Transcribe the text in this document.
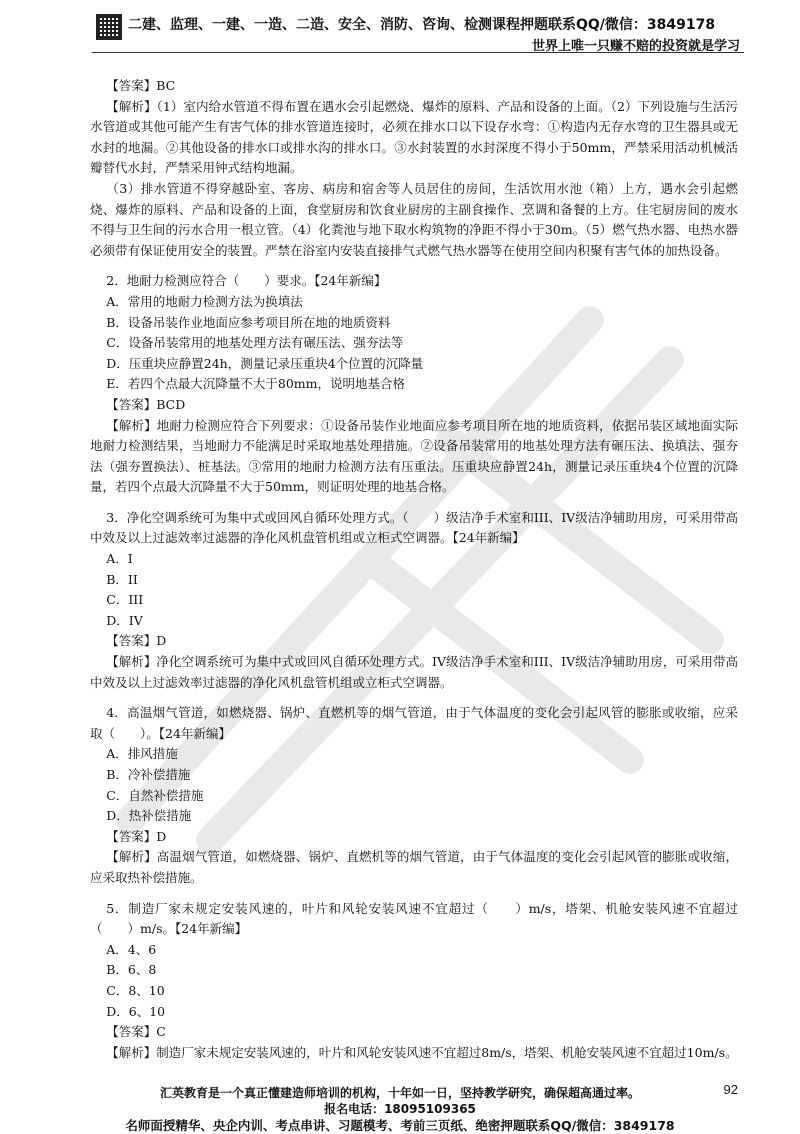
二建、监理、一建、一造、二造、安全、消防、咨询、检测课程押题联系QQ/微信：3849178
世界上唯一只赚不赔的投资就是学习

【答案】BC

【解析】（1）室内给水管道不得布置在遇水会引起燃烧、爆炸的原料、产品和设备的上面。（2）下列设施与生活污水管道或其他可能产生有害气体的排水管道连接时，必须在排水口以下设存水弯：①构造内无存水弯的卫生器具或无水封的地漏。②其他设备的排水口或排水沟的排水口。③水封装置的水封深度不得小于50mm，严禁采用活动机械活瓣替代水封，严禁采用钟式结构地漏。

（3）排水管道不得穿越卧室、客房、病房和宿舍等人员居住的房间，生活饮用水池（箱）上方，遇水会引起燃烧、爆炸的原料、产品和设备的上面，食堂厨房和饮食业厨房的主副食操作、烹调和备餐的上方。住宅厨房间的废水不得与卫生间的污水合用一根立管。（4）化粪池与地下取水构筑物的净距不得小于30m。（5）燃气热水器、电热水器必须带有保证使用安全的装置。严禁在浴室内安装直接排气式燃气热水器等在使用空间内积聚有害气体的加热设备。

2．地耐力检测应符合（　　）要求。【24年新编】

A．常用的地耐力检测方法为换填法

B．设备吊装作业地面应参考项目所在地的地质资料

C．设备吊装常用的地基处理方法有碾压法、强夯法等

D．压重块应静置24h，测量记录压重块4个位置的沉降量

E．若四个点最大沉降量不大于80mm，说明地基合格

【答案】BCD

【解析】地耐力检测应符合下列要求：①设备吊装作业地面应参考项目所在地的地质资料，依据吊装区域地面实际地耐力检测结果，当地耐力不能满足时采取地基处理措施。②设备吊装常用的地基处理方法有碾压法、换填法、强夯法（强夯置换法）、桩基法。③常用的地耐力检测方法有压重法。压重块应静置24h，测量记录压重块4个位置的沉降量，若四个点最大沉降量不大于50mm，则证明处理的地基合格。

3．净化空调系统可为集中式或回风自循环处理方式。（　　）级洁净手术室和III、IV级洁净辅助用房，可采用带高中效及以上过滤效率过滤器的净化风机盘管机组或立柜式空调器。【24年新编】

A．I

B．II

C．III

D．IV

【答案】D

【解析】净化空调系统可为集中式或回风自循环处理方式。IV级洁净手术室和III、IV级洁净辅助用房，可采用带高中效及以上过滤效率过滤器的净化风机盘管机组或立柜式空调器。

4．高温烟气管道，如燃烧器、锅炉、直燃机等的烟气管道，由于气体温度的变化会引起风管的膨胀或收缩，应采取（　　）。【24年新编】

A．排风措施

B．冷补偿措施

C．自然补偿措施

D．热补偿措施

【答案】D

【解析】高温烟气管道，如燃烧器、锅炉、直燃机等的烟气管道，由于气体温度的变化会引起风管的膨胀或收缩，应采取热补偿措施。

5．制造厂家未规定安装风速的，叶片和风轮安装风速不宜超过（　　）m/s，塔架、机舱安装风速不宜超过（　　）m/s。【24年新编】

A．4、6

B．6、8

C．8、10

D．6、10

【答案】C

【解析】制造厂家未规定安装风速的，叶片和风轮安装风速不宜超过8m/s，塔架、机舱安装风速不宜超过10m/s。

汇英教育是一个真正懂建造师培训的机构，十年如一日，坚持教学研究，确保超高通过率。	92
报名电话：18095109365
名师面授精华、央企内训、考点串讲、习题模考、考前三页纸、绝密押题联系QQ/微信：3849178
